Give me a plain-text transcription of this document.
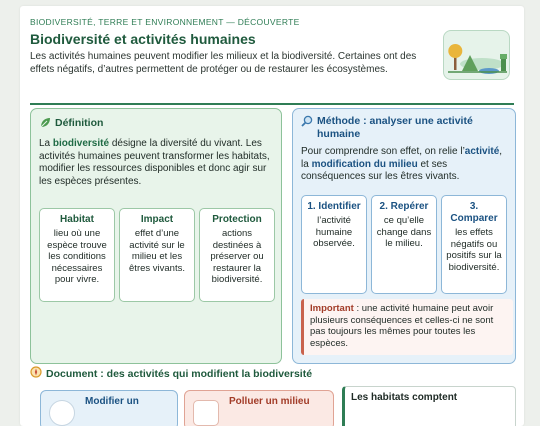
BIODIVERSITÉ, TERRE ET ENVIRONNEMENT — DÉCOUVERTE
Biodiversité et activités humaines

Les activités humaines peuvent modifier les milieux et la biodiversité. Certaines ont des effets négatifs, d’autres permettent de protéger ou de restaurer les écosystèmes.

Définition

La biodiversité désigne la diversité du vivant. Les activités humaines peuvent transformer les habitats, modifier les ressources disponibles et donc agir sur les espèces présentes.

Habitat
lieu où une espèce trouve les conditions nécessaires pour vivre.
Impact
effet d’une activité sur le milieu et les êtres vivants.
Protection
actions destinées à préserver ou restaurer la biodiversité.
Méthode : analyser une activité humaine

Pour comprendre son effet, on relie l’activité, la modification du milieu et ses conséquences sur les êtres vivants.

1. Identifier
l’activité humaine observée.
2. Repérer
ce qu’elle change dans le milieu.
3. Comparer
les effets négatifs ou positifs sur la biodiversité.
Important : une activité humaine peut avoir plusieurs conséquences et celles-ci ne sont pas toujours les mêmes pour toutes les espèces.
Document : des activités qui modifient la biodiversité
Modifier un	Polluer un milieu	Les habitats comptent
